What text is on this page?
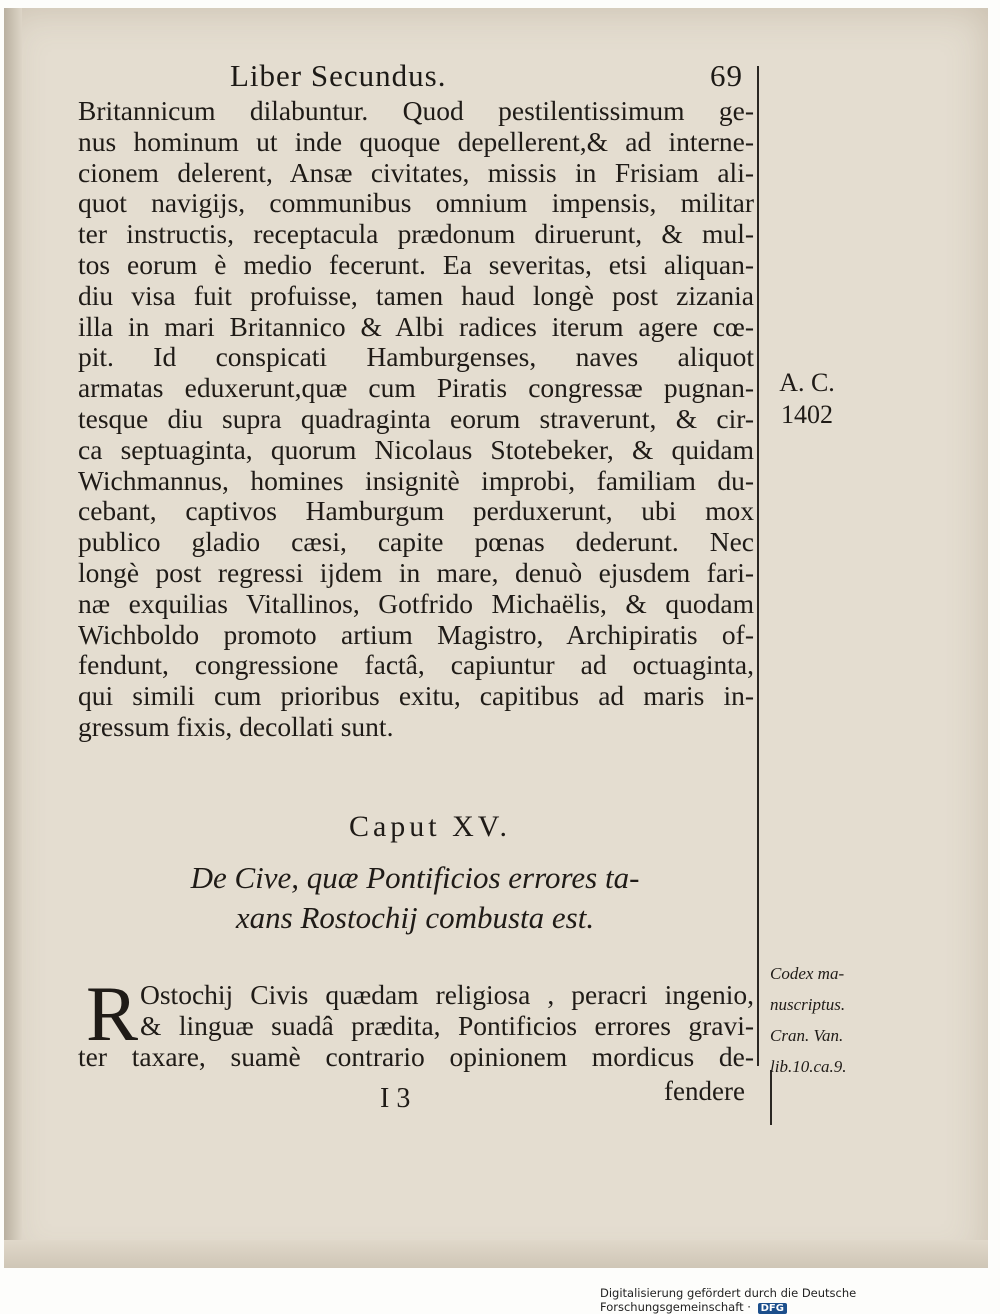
Liber Secundus.	69
Britannicum dilabuntur. Quod pestilentissimum ge-
nus hominum ut inde quoque depellerent,& ad interne-
cionem delerent, Ansæ civitates, missis in Frisiam ali-
quot navigijs, communibus omnium impensis, militar
ter instructis, receptacula prædonum diruerunt, & mul-
tos eorum è medio fecerunt. Ea severitas, etsi aliquan-
diu visa fuit profuisse, tamen haud longè post zizania
illa in mari Britannico & Albi radices iterum agere cœ-
pit. Id conspicati Hamburgenses, naves aliquot
armatas eduxerunt,quæ cum Piratis congressæ pugnan-
tesque diu supra quadraginta eorum straverunt, & cir-
ca septuaginta, quorum Nicolaus Stotebeker, & quidam
Wichmannus, homines insignitè improbi, familiam du-
cebant, captivos Hamburgum perduxerunt, ubi mox
publico gladio cæsi, capite pœnas dederunt. Nec
longè post regressi ijdem in mare, denuò ejusdem fari-
næ exquilias Vitallinos, Gotfrido Michaëlis, & quodam
Wichboldo promoto artium Magistro, Archipiratis of-
fendunt, congressione factâ, capiuntur ad octuaginta,
qui simili cum prioribus exitu, capitibus ad maris in-
gressum fixis, decollati sunt.
A. C.
1402
Caput XV.
De Cive, quæ Pontificios errores ta-
xans Rostochij combusta est.
R Ostochij Civis quædam religiosa , peracri ingenio,
& linguæ suadâ prædita, Pontificios errores gravi-
ter taxare, suamè contrario opinionem mordicus de-
I 3	fendere
Codex ma-
nuscriptus.
Cran. Van.
lib.10.ca.9.
Digitalisierung gefördert durch die Deutsche Forschungsgemeinschaft · DFG
